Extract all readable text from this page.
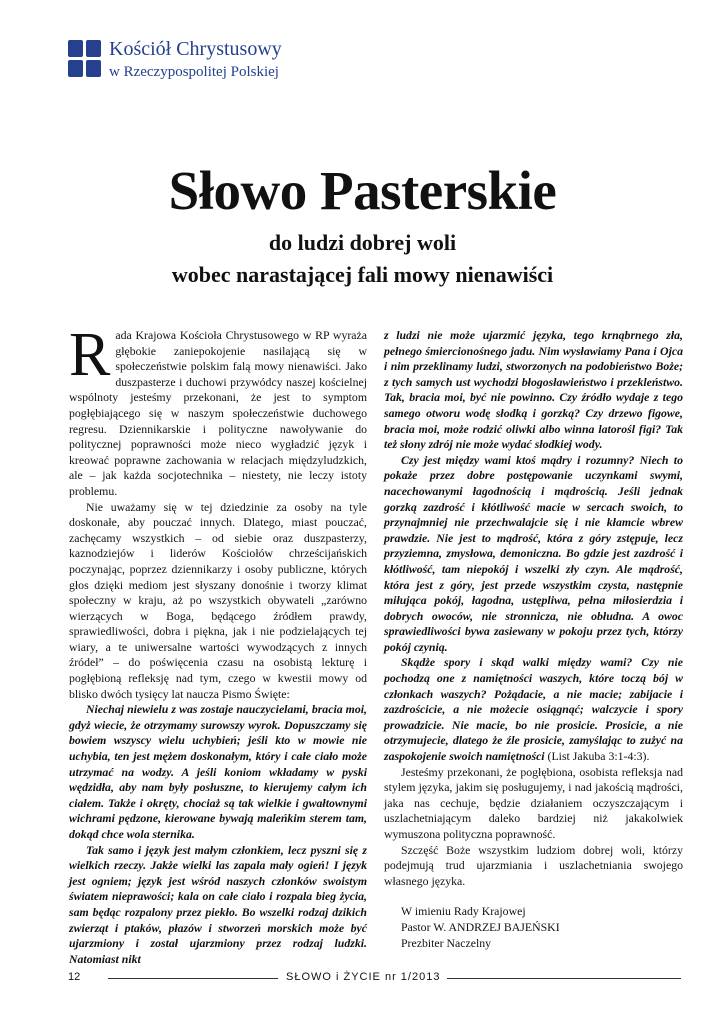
Kościół Chrystusowy
w Rzeczypospolitej Polskiej
Słowo Pasterskie
do ludzi dobrej woli
wobec narastającej fali mowy nienawiści

Rada Krajowa Kościoła Chrystusowego w RP wyraża głębokie zaniepokojenie nasilającą się w społeczeństwie polskim falą mowy nienawiści. Jako duszpasterze i duchowi przywódcy naszej kościelnej wspólnoty jesteśmy przekonani, że jest to symptom pogłębiającego się w naszym społeczeństwie duchowego regresu. Dziennikarskie i polityczne nawoływanie do politycznej poprawności może nieco wygładzić język i kreować poprawne zachowania w relacjach międzyludzkich, ale – jak każda socjotechnika – niestety, nie leczy istoty problemu.

Nie uważamy się w tej dziedzinie za osoby na tyle doskonałe, aby pouczać innych. Dlatego, miast pouczać, zachęcamy wszystkich – od siebie oraz duszpasterzy, kaznodziejów i liderów Kościołów chrześcijańskich poczynając, poprzez dziennikarzy i osoby publiczne, których głos dzięki mediom jest słyszany donośnie i tworzy klimat społeczny w kraju, aż po wszystkich obywateli „zarówno wierzących w Boga, będącego źródłem prawdy, sprawiedliwości, dobra i piękna, jak i nie podzielających tej wiary, a te uniwersalne wartości wywodzących z innych źródeł” – do poświęcenia czasu na osobistą lekturę i pogłębioną refleksję nad tym, czego w kwestii mowy od blisko dwóch tysięcy lat naucza Pismo Święte:

Niechaj niewielu z was zostaje nauczycielami, bracia moi, gdyż wiecie, że otrzymamy surowszy wyrok. Dopuszczamy się bowiem wszyscy wielu uchybień; jeśli kto w mowie nie uchybia, ten jest mężem doskonałym, który i całe ciało może utrzymać na wodzy. A jeśli koniom wkładamy w pyski wędzidła, aby nam były posłuszne, to kierujemy całym ich ciałem. Także i okręty, chociaż są tak wielkie i gwałtownymi wichrami pędzone, kierowane bywają maleńkim sterem tam, dokąd chce wola sternika.

Tak samo i język jest małym członkiem, lecz pyszni się z wielkich rzeczy. Jakże wielki las zapala mały ogień! I język jest ogniem; język jest wśród naszych członków swoistym światem nieprawości; kala on całe ciało i rozpala bieg życia, sam będąc rozpalony przez piekło. Bo wszelki rodzaj dzikich zwierząt i ptaków, płazów i stworzeń morskich może być ujarzmiony i został ujarzmiony przez rodzaj ludzki. Natomiast nikt

z ludzi nie może ujarzmić języka, tego krnąbrnego zła, pełnego śmiercionośnego jadu. Nim wysławiamy Pana i Ojca i nim przeklinamy ludzi, stworzonych na podobieństwo Boże; z tych samych ust wychodzi błogosławieństwo i przekleństwo. Tak, bracia moi, być nie powinno. Czy źródło wydaje z tego samego otworu wodę słodką i gorzką? Czy drzewo figowe, bracia moi, może rodzić oliwki albo winna latorośl figi? Tak też słony zdrój nie może wydać słodkiej wody.

Czy jest między wami ktoś mądry i rozumny? Niech to pokaże przez dobre postępowanie uczynkami swymi, nacechowanymi łagodnością i mądrością. Jeśli jednak gorzką zazdrość i kłótliwość macie w sercach swoich, to przynajmniej nie przechwalajcie się i nie kłamcie wbrew prawdzie. Nie jest to mądrość, która z góry zstępuje, lecz przyziemna, zmysłowa, demoniczna. Bo gdzie jest zazdrość i kłótliwość, tam niepokój i wszelki zły czyn. Ale mądrość, która jest z góry, jest przede wszystkim czysta, następnie miłująca pokój, łagodna, ustępliwa, pełna miłosierdzia i dobrych owoców, nie stronnicza, nie obłudna. A owoc sprawiedliwości bywa zasiewany w pokoju przez tych, którzy pokój czynią.

Skądże spory i skąd walki między wami? Czy nie pochodzą one z namiętności waszych, które toczą bój w członkach waszych? Pożądacie, a nie macie; zabijacie i zazdrościcie, a nie możecie osiągnąć; walczycie i spory prowadzicie. Nie macie, bo nie prosicie. Prosicie, a nie otrzymujecie, dlatego że źle prosicie, zamyślając to zużyć na zaspokojenie swoich namiętności (List Jakuba 3:1-4:3).

Jesteśmy przekonani, że pogłębiona, osobista refleksja nad stylem języka, jakim się posługujemy, i nad jakością mądrości, jaka nas cechuje, będzie działaniem oczyszczającym i uszlachetniającym daleko bardziej niż jakakolwiek wymuszona polityczna poprawność.

Szczęść Boże wszystkim ludziom dobrej woli, którzy podejmują trud ujarzmiania i uszlachetniania swojego własnego języka.

W imieniu Rady Krajowej
Pastor W. ANDRZEJ BAJEŃSKI
Prezbiter Naczelny

12	SŁOWO i ŻYCIE nr 1/2013
